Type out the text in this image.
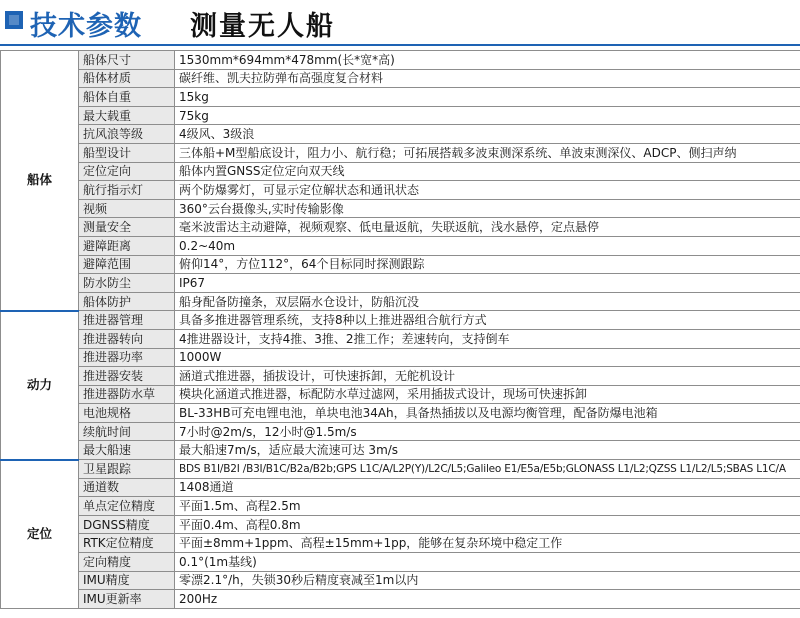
技术参数 测量无人船
船体	船体尺寸	1530mm*694mm*478mm(长*宽*高)
	船体材质	碳纤维、凯夫拉防弹布高强度复合材料
	船体自重	15kg
	最大载重	75kg
	抗风浪等级	4级风、3级浪
	船型设计	三体船+M型船底设计，阻力小、航行稳；可拓展搭载多波束测深系统、单波束测深仪、ADCP、侧扫声纳
	定位定向	船体内置GNSS定位定向双天线
	航行指示灯	两个防爆雾灯，可显示定位解状态和通讯状态
	视频	360°云台摄像头,实时传输影像
	测量安全	毫米波雷达主动避障，视频观察、低电量返航，失联返航，浅水悬停，定点悬停
	避障距离	0.2~40m
	避障范围	俯仰14°，方位112°，64个目标同时探测跟踪
	防水防尘	IP67
	船体防护	船身配备防撞条，双层隔水仓设计，防船沉没
动力	推进器管理	具备多推进器管理系统，支持8种以上推进器组合航行方式
	推进器转向	4推进器设计，支持4推、3推、2推工作；差速转向，支持倒车
	推进器功率	1000W
	推进器安装	涵道式推进器，插拔设计，可快速拆卸，无舵机设计
	推进器防水草	模块化涵道式推进器，标配防水草过滤网，采用插拔式设计，现场可快速拆卸
	电池规格	BL-33HB可充电锂电池，单块电池34Ah，具备热插拔以及电源均衡管理，配备防爆电池箱
	续航时间	7小时@2m/s，12小时@1.5m/s
	最大船速	最大船速7m/s，适应最大流速可达 3m/s
定位	卫星跟踪	BDS B1I/B2I /B3I/B1C/B2a/B2b;GPS L1C/A/L2P(Y)/L2C/L5;Galileo E1/E5a/E5b;GLONASS L1/L2;QZSS L1/L2/L5;SBAS L1C/A
	通道数	1408通道
	单点定位精度	平面1.5m、高程2.5m
	DGNSS精度	平面0.4m、高程0.8m
	RTK定位精度	平面±8mm+1ppm、高程±15mm+1pp，能够在复杂环境中稳定工作
	定向精度	0.1°(1m基线)
	IMU精度	零漂2.1°/h，失锁30秒后精度衰减至1m以内
	IMU更新率	200Hz
